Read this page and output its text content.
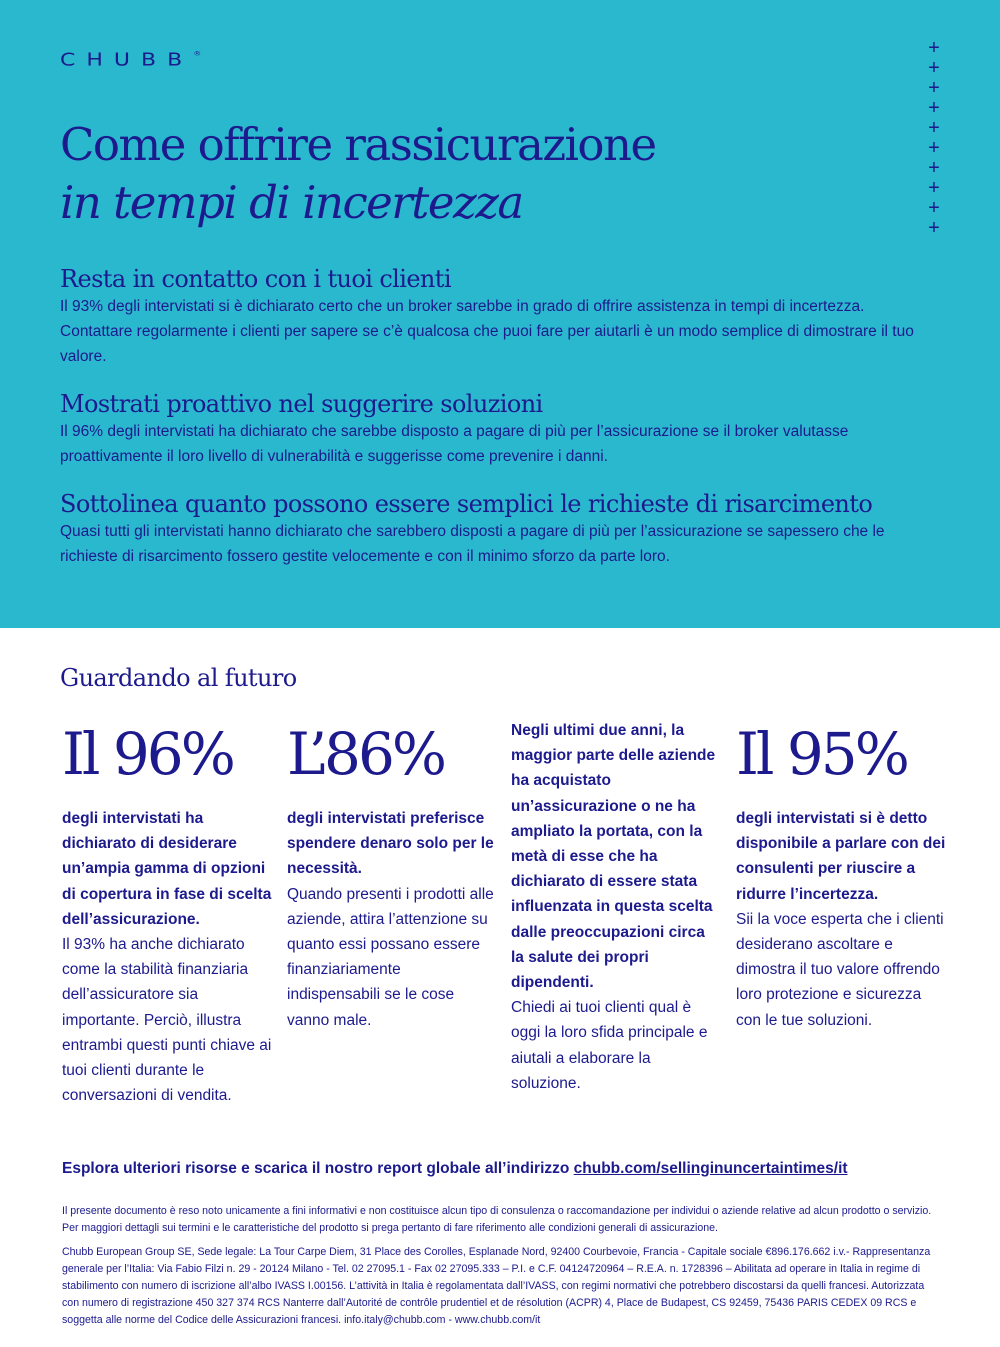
CHUBB®	+
+
+
+
+
+
+
+
+
+
Come offrire rassicurazione
in tempi di incertezza
Resta in contatto con i tuoi clienti

Il 93% degli intervistati si è dichiarato certo che un broker sarebbe in grado di offrire assistenza in tempi di incertezza. Contattare regolarmente i clienti per sapere se c’è qualcosa che puoi fare per aiutarli è un modo semplice di dimostrare il tuo valore.

Mostrati proattivo nel suggerire soluzioni

Il 96% degli intervistati ha dichiarato che sarebbe disposto a pagare di più per l’assicurazione se il broker valutasse proattivamente il loro livello di vulnerabilità e suggerisse come prevenire i danni.

Sottolinea quanto possono essere semplici le richieste di risarcimento

Quasi tutti gli intervistati hanno dichiarato che sarebbero disposti a pagare di più per l’assicurazione se sapessero che le richieste di risarcimento fossero gestite velocemente e con il minimo sforzo da parte loro.

Guardando al futuro
Il 96%
degli intervistati ha dichiarato di desiderare un’ampia gamma di opzioni di copertura in fase di scelta dell’assicurazione.
Il 93% ha anche dichiarato come la stabilità finanziaria dell’assicuratore sia importante. Perciò, illustra entrambi questi punti chiave ai tuoi clienti durante le conversazioni di vendita.
L’86%
degli intervistati preferisce spendere denaro solo per le necessità.
Quando presenti i prodotti alle aziende, attira l’attenzione su quanto essi possano essere finanziariamente indispensabili se le cose vanno male.
Negli ultimi due anni, la maggior parte delle aziende ha acquistato un’assicurazione o ne ha ampliato la portata, con la metà di esse che ha dichiarato di essere stata influenzata in questa scelta dalle preoccupazioni circa la salute dei propri dipendenti.
Chiedi ai tuoi clienti qual è oggi la loro sfida principale e aiutali a elaborare la soluzione.
Il 95%
degli intervistati si è detto disponibile a parlare con dei consulenti per riuscire a ridurre l’incertezza.
Sii la voce esperta che i clienti desiderano ascoltare e dimostra il tuo valore offrendo loro protezione e sicurezza con le tue soluzioni.
Esplora ulteriori risorse e scarica il nostro report globale all’indirizzo chubb.com/sellinginuncertaintimes/it

Il presente documento è reso noto unicamente a fini informativi e non costituisce alcun tipo di consulenza o raccomandazione per individui o aziende relative ad alcun prodotto o servizio. Per maggiori dettagli sui termini e le caratteristiche del prodotto si prega pertanto di fare riferimento alle condizioni generali di assicurazione.

Chubb European Group SE, Sede legale: La Tour Carpe Diem, 31 Place des Corolles, Esplanade Nord, 92400 Courbevoie, Francia - Capitale sociale €896.176.662 i.v.- Rappresentanza generale per l’Italia: Via Fabio Filzi n. 29 - 20124 Milano - Tel. 02 27095.1 - Fax 02 27095.333 – P.I. e C.F. 04124720964 – R.E.A. n. 1728396 – Abilitata ad operare in Italia in regime di stabilimento con numero di iscrizione all’albo IVASS I.00156. L’attività in Italia è regolamentata dall’IVASS, con regimi normativi che potrebbero discostarsi da quelli francesi. Autorizzata con numero di registrazione 450 327 374 RCS Nanterre dall’Autorité de contrôle prudentiel et de résolution (ACPR) 4, Place de Budapest, CS 92459, 75436 PARIS CEDEX 09 RCS e soggetta alle norme del Codice delle Assicurazioni francesi. info.italy@chubb.com - www.chubb.com/it
